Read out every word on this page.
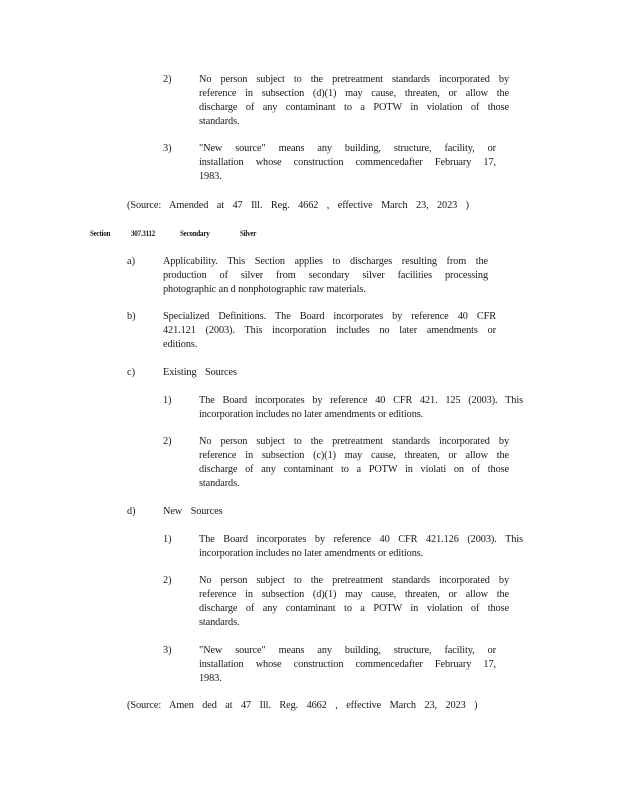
Section 307.3112	Secondary	Silver
2)	No person subject to the pretreatment standards incorporated by
reference in subsection (d)(1) may cause, threaten, or allow the
discharge of any contaminant to a POTW in violation of those
standards.
3)	"New source" means any building, structure, facility, or
installation whose construction commencedafter February 17,
1983.
(Source: Amended at 47 Ill. Reg. 4662 , effective March 23, 2023 )
a)	Applicability. This Section applies to discharges resulting from the
production of silver from secondary silver facilities processing
photographic an d nonphotographic raw materials.
b)	Specialized Definitions. The Board incorporates by reference 40 CFR
421.121 (2003). This incorporation includes no later amendments or
editions.
c)	Existing Sources
1)	The Board incorporates by reference 40 CFR 421. 125 (2003). This
incorporation includes no later amendments or editions.
2)	No person subject to the pretreatment standards incorporated by
reference in subsection (c)(1) may cause, threaten, or allow the
discharge of any contaminant to a POTW in violati on of those
standards.
d)	New Sources
1)	The Board incorporates by reference 40 CFR 421.126 (2003). This
incorporation includes no later amendments or editions.
2)	No person subject to the pretreatment standards incorporated by
reference in subsection (d)(1) may cause, threaten, or allow the
discharge of any contaminant to a POTW in violation of those
standards.
3)	"New source" means any building, structure, facility, or
installation whose construction commencedafter February 17,
1983.
(Source: Amen ded at 47 Ill. Reg. 4662 , effective March 23, 2023 )
